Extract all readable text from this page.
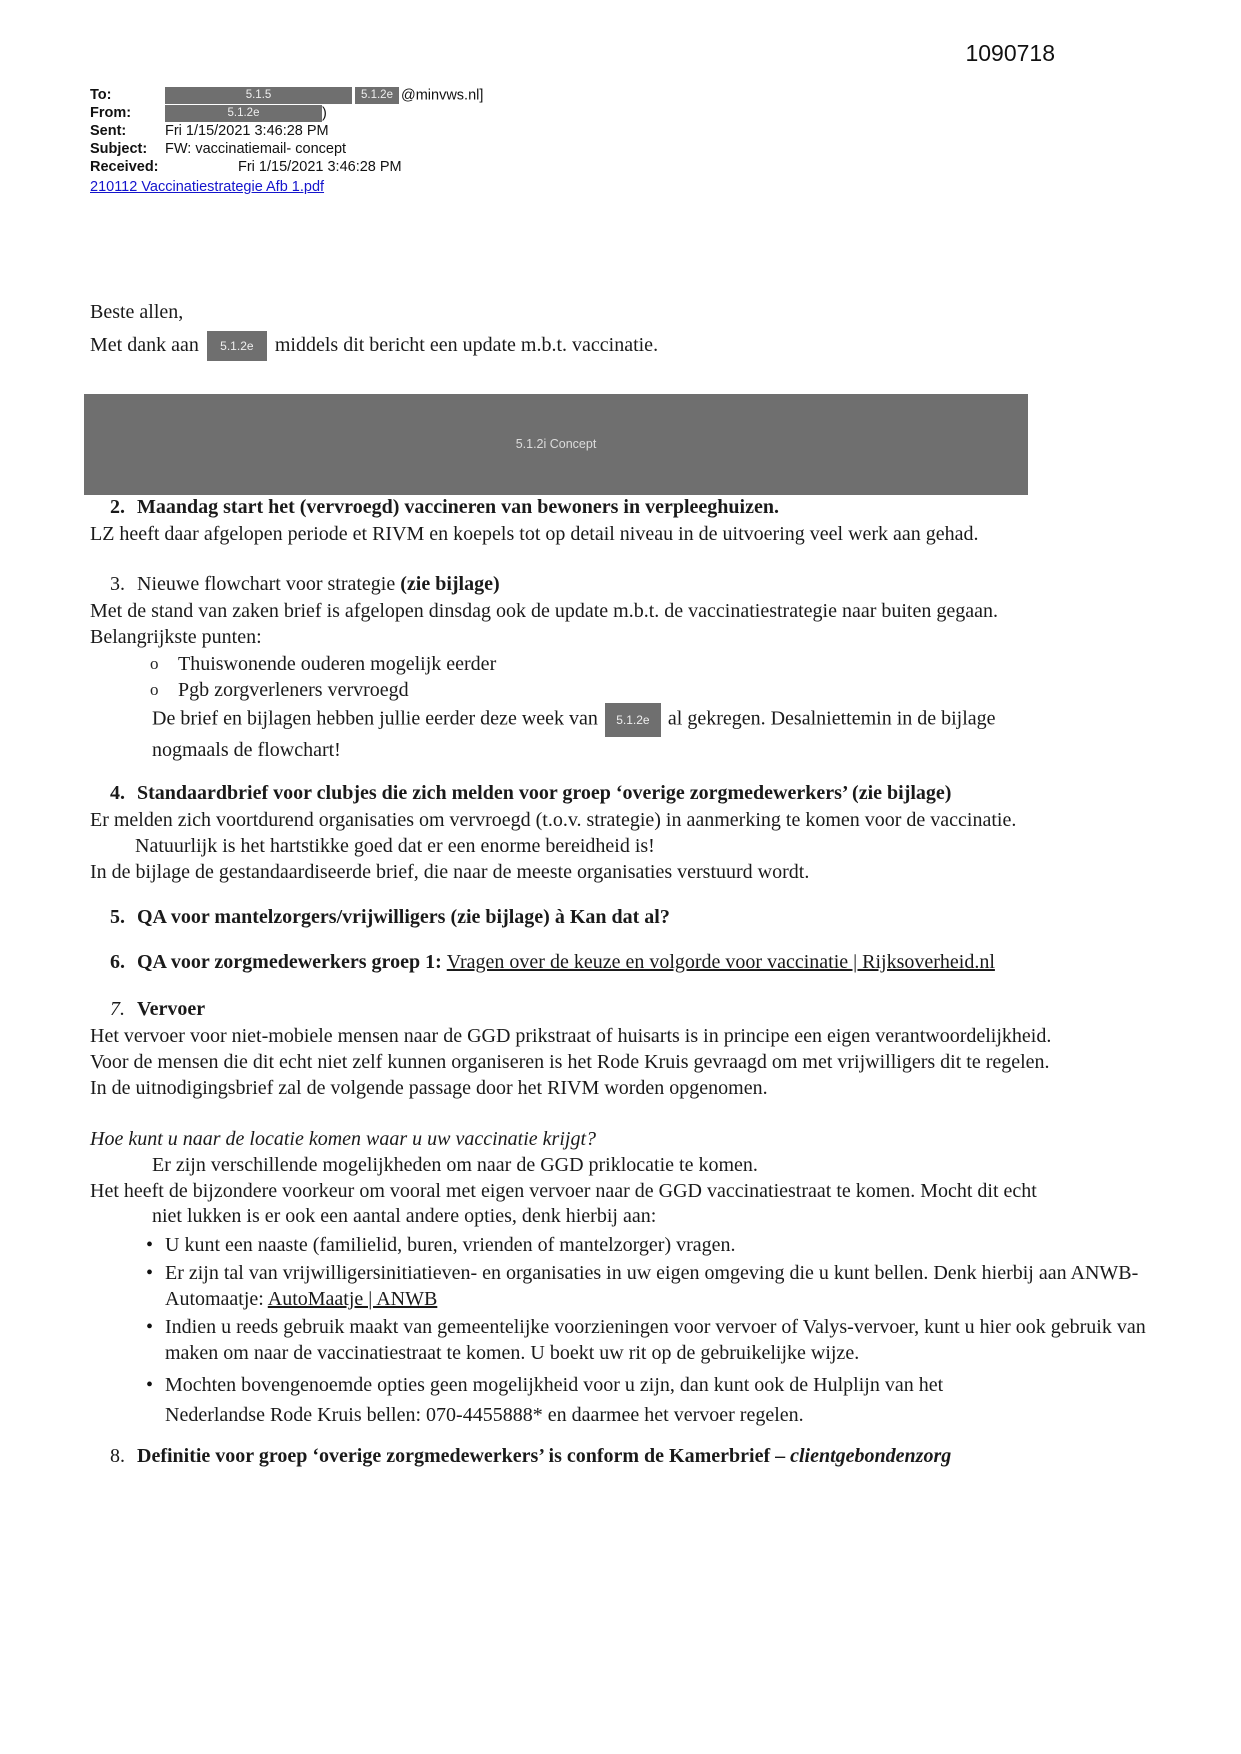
1090718
To:	5.1.5	5.1.2e @minvws.nl]
From:	5.1.2e	)
Sent:	Fri 1/15/2021 3:46:28 PM
Subject:	FW: vaccinatiemail- concept
Received:	Fri 1/15/2021 3:46:28 PM
210112 Vaccinatiestrategie Afb 1.pdf
Beste allen,
Met dank aan 5.1.2e middels dit bericht een update m.b.t. vaccinatie.
5.1.2i Concept
2. Maandag start het (vervroegd) vaccineren van bewoners in verpleeghuizen.
LZ heeft daar afgelopen periode et RIVM en koepels tot op detail niveau in de uitvoering veel werk aan gehad.
3. Nieuwe flowchart voor strategie (zie bijlage)
Met de stand van zaken brief is afgelopen dinsdag ook de update m.b.t. de vaccinatiestrategie naar buiten gegaan.
Belangrijkste punten:
o Thuiswonende ouderen mogelijk eerder
o Pgb zorgverleners vervroegd
De brief en bijlagen hebben jullie eerder deze week van 5.1.2e al gekregen. Desalniettemin in de bijlage
nogmaals de flowchart!
4. Standaardbrief voor clubjes die zich melden voor groep ‘overige zorgmedewerkers’ (zie bijlage)
Er melden zich voortdurend organisaties om vervroegd (t.o.v. strategie) in aanmerking te komen voor de vaccinatie.
Natuurlijk is het hartstikke goed dat er een enorme bereidheid is!
In de bijlage de gestandaardiseerde brief, die naar de meeste organisaties verstuurd wordt.
5. QA voor mantelzorgers/vrijwilligers (zie bijlage) à Kan dat al?
6. QA voor zorgmedewerkers groep 1: Vragen over de keuze en volgorde voor vaccinatie | Rijksoverheid.nl
7. Vervoer
Het vervoer voor niet-mobiele mensen naar de GGD prikstraat of huisarts is in principe een eigen verantwoordelijkheid.
Voor de mensen die dit echt niet zelf kunnen organiseren is het Rode Kruis gevraagd om met vrijwilligers dit te regelen.
In de uitnodigingsbrief zal de volgende passage door het RIVM worden opgenomen.
Hoe kunt u naar de locatie komen waar u uw vaccinatie krijgt?
Er zijn verschillende mogelijkheden om naar de GGD priklocatie te komen.
Het heeft de bijzondere voorkeur om vooral met eigen vervoer naar de GGD vaccinatiestraat te komen. Mocht dit echt
niet lukken is er ook een aantal andere opties, denk hierbij aan:
• U kunt een naaste (familielid, buren, vrienden of mantelzorger) vragen.
• Er zijn tal van vrijwilligersinitiatieven- en organisaties in uw eigen omgeving die u kunt bellen. Denk hierbij aan ANWB-Automaatje: AutoMaatje | ANWB
• Indien u reeds gebruik maakt van gemeentelijke voorzieningen voor vervoer of Valys-vervoer, kunt u hier ook gebruik van maken om naar de vaccinatiestraat te komen. U boekt uw rit op de gebruikelijke wijze.
• Mochten bovengenoemde opties geen mogelijkheid voor u zijn, dan kunt ook de Hulplijn van het
Nederlandse Rode Kruis bellen: 070-4455888* en daarmee het vervoer regelen.
8. Definitie voor groep ‘overige zorgmedewerkers’ is conform de Kamerbrief – clientgebondenzorg
